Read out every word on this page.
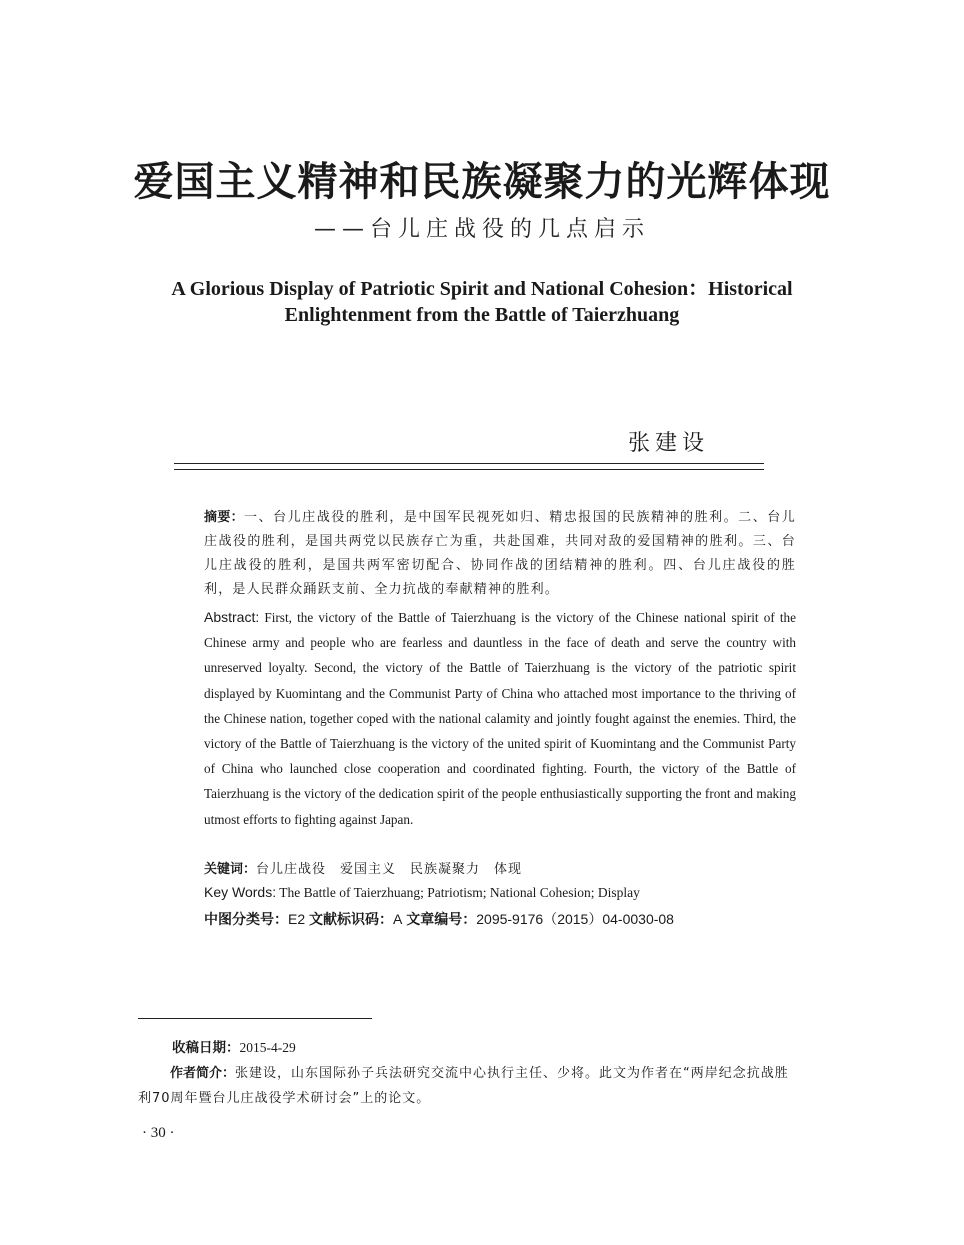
爱国主义精神和民族凝聚力的光辉体现
——台儿庄战役的几点启示
A Glorious Display of Patriotic Spirit and National Cohesion：Historical
Enlightenment from the Battle of Taierzhuang
张建设
摘要：一、台儿庄战役的胜利，是中国军民视死如归、精忠报国的民族精神的胜利。二、台儿庄战役的胜利，是国共两党以民族存亡为重，共赴国难，共同对敌的爱国精神的胜利。三、台儿庄战役的胜利，是国共两军密切配合、协同作战的团结精神的胜利。四、台儿庄战役的胜利，是人民群众踊跃支前、全力抗战的奉献精神的胜利。
Abstract: First, the victory of the Battle of Taierzhuang is the victory of the Chinese national spirit of the Chinese army and people who are fearless and dauntless in the face of death and serve the country with unreserved loyalty. Second, the victory of the Battle of Taierzhuang is the victory of the patriotic spirit displayed by Kuomintang and the Communist Party of China who attached most importance to the thriving of the Chinese nation, together coped with the national calamity and jointly fought against the enemies. Third, the victory of the Battle of Taierzhuang is the victory of the united spirit of Kuomintang and the Communist Party of China who launched close cooperation and coordinated fighting. Fourth, the victory of the Battle of Taierzhuang is the victory of the dedication spirit of the people enthusiastically supporting the front and making utmost efforts to fighting against Japan.
关键词：台儿庄战役　爱国主义　民族凝聚力　体现
Key Words: The Battle of Taierzhuang; Patriotism; National Cohesion; Display
中图分类号：E2 文献标识码：A 文章编号：2095-9176（2015）04-0030-08
收稿日期：2015-4-29
作者简介：张建设，山东国际孙子兵法研究交流中心执行主任、少将。此文为作者在“两岸纪念抗战胜利70周年暨台儿庄战役学术研讨会”上的论文。
· 30 ·
